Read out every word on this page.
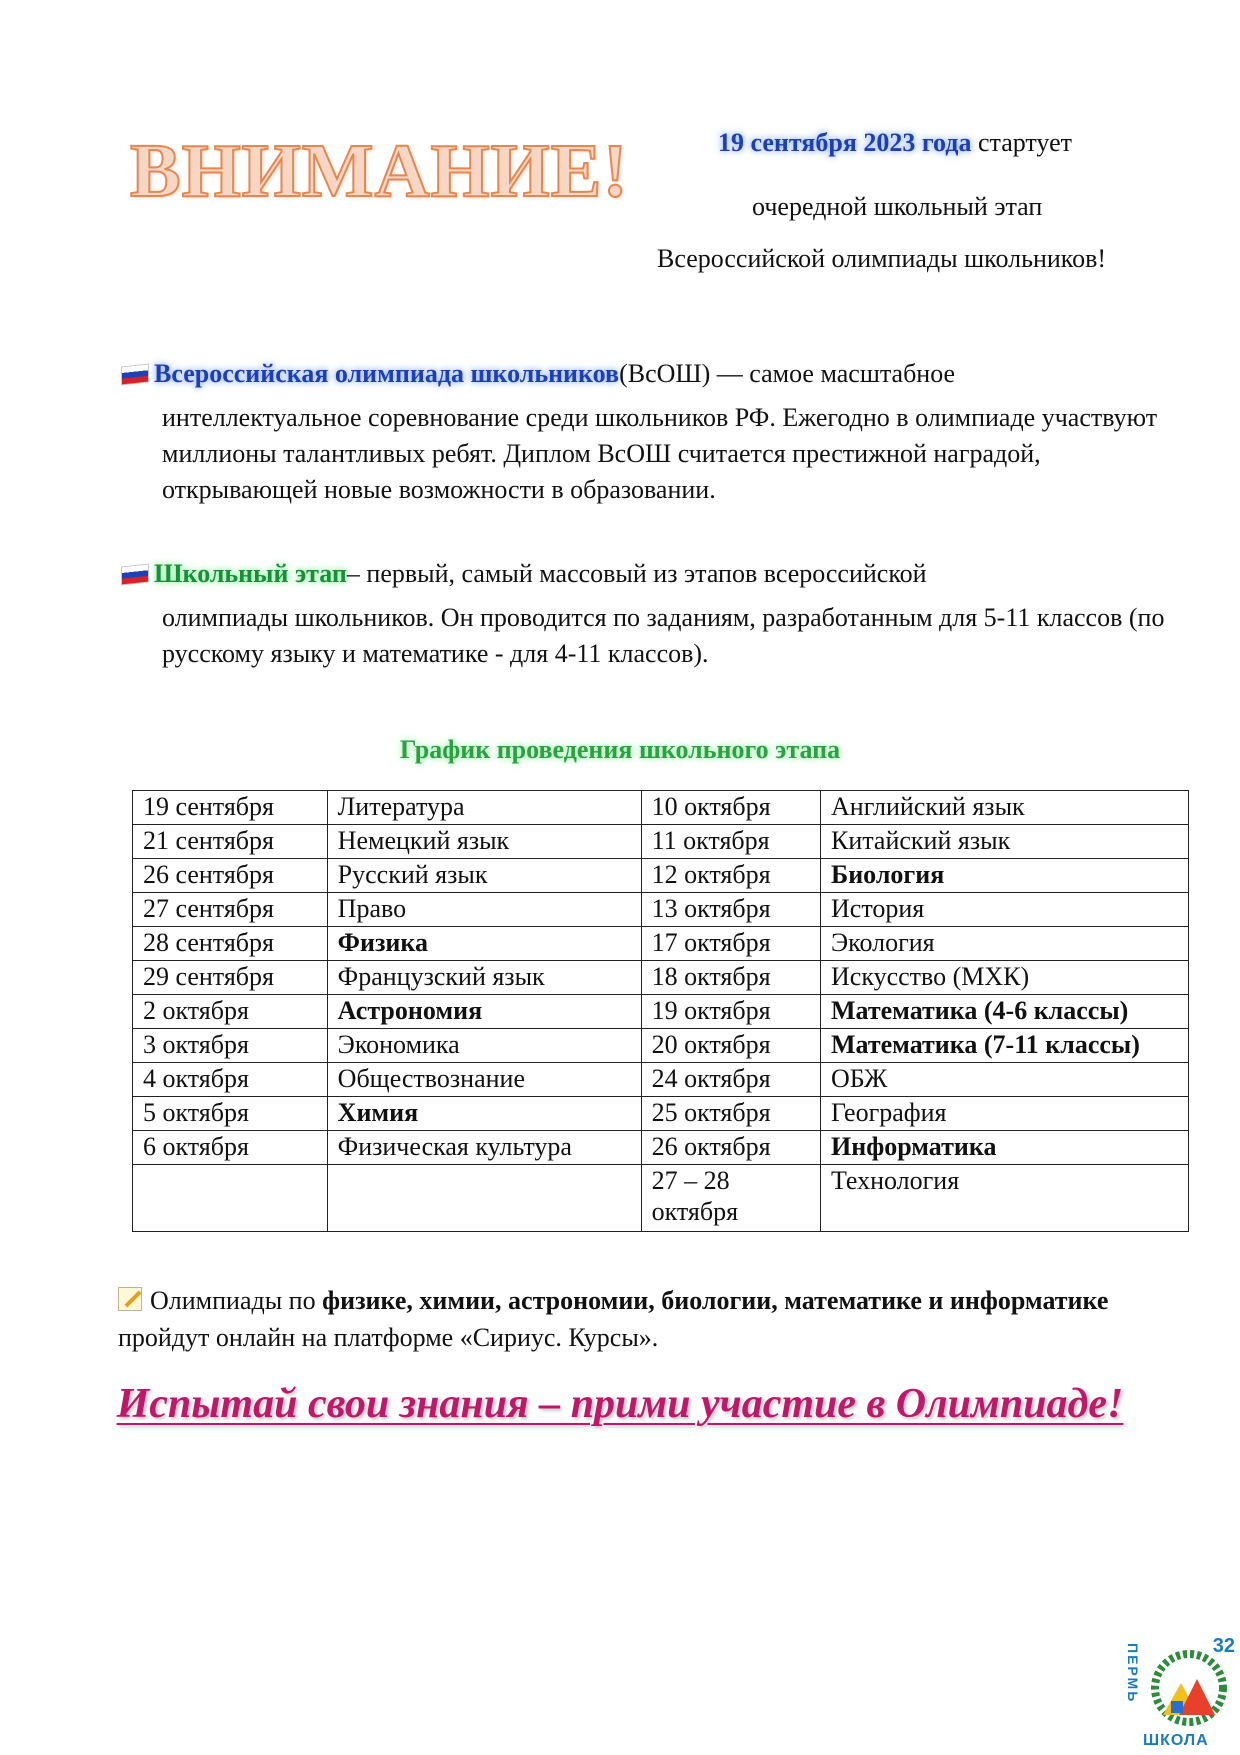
ВНИМАНИЕ!	19 сентября 2023 года стартует
очередной школьный этап
Всероссийской олимпиады школьников!
Всероссийская олимпиада школьников (ВсОШ) — самое масштабное
интеллектуальное соревнование среди школьников РФ. Ежегодно в олимпиаде участвуют миллионы талантливых ребят. Диплом ВсОШ считается престижной наградой, открывающей новые возможности в образовании.
Школьный этап – первый, самый массовый из этапов всероссийской
олимпиады школьников. Он проводится по заданиям, разработанным для 5-11 классов (по русскому языку и математике - для 4-11 классов).
График проведения школьного этапа
19 сентября	Литература	10 октября	Английский язык
21 сентября	Немецкий язык	11 октября	Китайский язык
26 сентября	Русский язык	12 октября	Биология
27 сентября	Право	13 октября	История
28 сентября	Физика	17 октября	Экология
29 сентября	Французский язык	18 октября	Искусство (МХК)
2 октября	Астрономия	19 октября	Математика (4-6 классы)
3 октября	Экономика	20 октября	Математика (7-11 классы)
4 октября	Обществознание	24 октября	ОБЖ
5 октября	Химия	25 октября	География
6 октября	Физическая культура	26 октября	Информатика
		27 – 28 октября	Технология
Олимпиады по физике, химии, астрономии, биологии, математике и информатике пройдут онлайн на платформе «Сириус. Курсы».
Испытай свои знания – прими участие в Олимпиаде!
ПЕРМЬ	32
ШКОЛА
